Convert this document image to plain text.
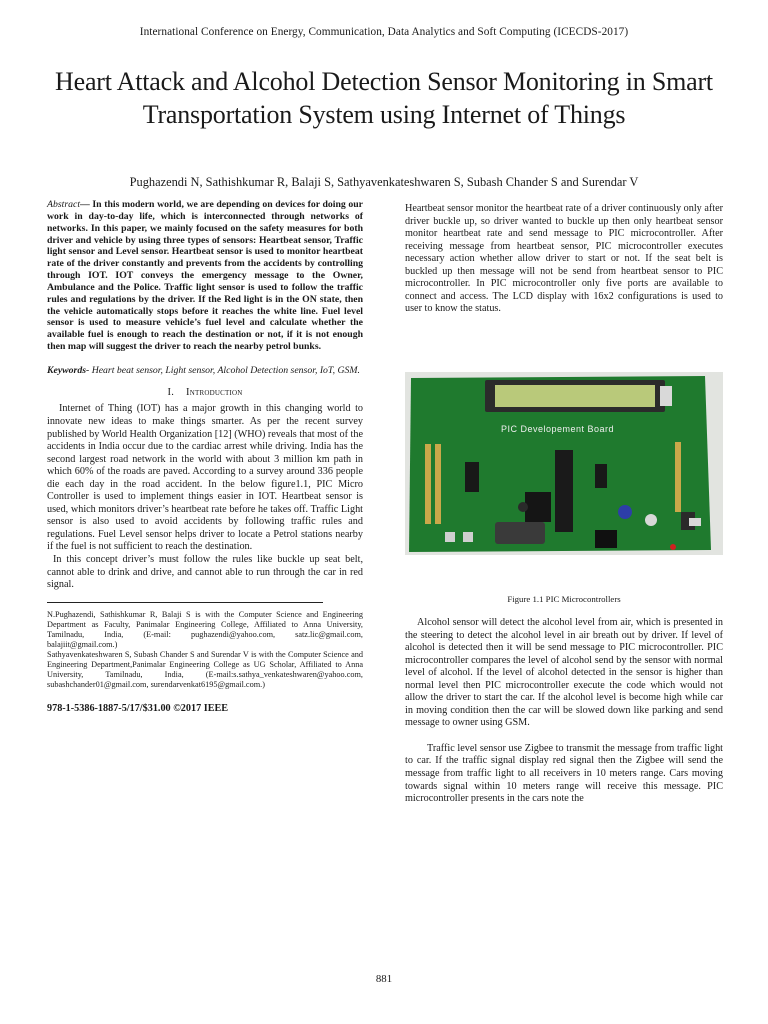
International Conference on Energy, Communication, Data Analytics and Soft Computing (ICECDS-2017)
Heart Attack and Alcohol Detection Sensor Monitoring in Smart Transportation System using Internet of Things
Pughazendi N, Sathishkumar R, Balaji S, Sathyavenkateshwaren S, Subash Chander S and Surendar V

Abstract— In this modern world, we are depending on devices for doing our work in day-to-day life, which is interconnected through networks of networks. In this paper, we mainly focused on the safety measures for both driver and vehicle by using three types of sensors: Heartbeat sensor, Traffic light sensor and Level sensor. Heartbeat sensor is used to monitor heartbeat rate of the driver constantly and prevents from the accidents by controlling through IOT. IOT conveys the emergency message to the Owner, Ambulance and the Police. Traffic light sensor is used to follow the traffic rules and regulations by the driver. If the Red light is in the ON state, then the vehicle automatically stops before it reaches the white line. Fuel level sensor is used to measure vehicle’s fuel level and calculate whether the available fuel is enough to reach the destination or not, if it is not enough then map will suggest the driver to reach the nearby petrol bunks.

Keywords- Heart beat sensor, Light sensor, Alcohol Detection sensor, IoT, GSM.

I. Introduction

Internet of Thing (IOT) has a major growth in this changing world to innovate new ideas to make things smarter. As per the recent survey published by World Health Organization [12] (WHO) reveals that most of the accidents in India occur due to the cardiac arrest while driving. India has the second largest road network in the world with about 3 million km path in which 60% of the roads are paved. According to a survey around 336 people die each day in the road accident. In the below figure1.1, PIC Micro Controller is used to implement things easier in IOT. Heartbeat sensor is used, which monitors driver’s heartbeat rate before he takes off. Traffic Light sensor is also used to avoid accidents by following traffic rules and regulations. Fuel Level sensor helps driver to locate a Petrol stations nearby if the fuel is not sufficient to reach the destination.

In this concept driver’s must follow the rules like buckle up seat belt, cannot able to drink and drive, and cannot able to run through the car in red signal.

N.Pughazendi, Sathishkumar R, Balaji S is with the Computer Science and Engineering Department as Faculty, Panimalar Engineering College, Affiliated to Anna University, Tamilnadu, India, (E-mail: pughazendi@yahoo.com, satz.lic@gmail.com, balajiit@gmail.com.)

Sathyavenkateshwaren S, Subash Chander S and Surendar V is with the Computer Science and Engineering Department,Panimalar Engineering College as UG Scholar, Affiliated to Anna University, Tamilnadu, India, (E-mail:s.sathya_venkateshwaren@yahoo.com, subashchander01@gmail.com, surendarvenkat6195@gmail.com.)

978-1-5386-1887-5/17/$31.00 ©2017 IEEE

Heartbeat sensor monitor the heartbeat rate of a driver continuously only after driver buckle up, so driver wanted to buckle up then only heartbeat sensor monitor heartbeat rate and send message to PIC microcontroller. After receiving message from heartbeat sensor, PIC microcontroller executes necessary action whether allow driver to start or not. If the seat belt is buckled up then message will not be send from heartbeat sensor to PIC microcontroller. In PIC microcontroller only five ports are available to connect and access. The LCD display with 16x2 configurations is used to user to know the status.

PIC Developement Board
Figure 1.1 PIC Microcontrollers

Alcohol sensor will detect the alcohol level from air, which is presented in the steering to detect the alcohol level in air breath out by driver. If level of alcohol is detected then it will be send message to PIC microcontroller. PIC microcontroller compares the level of alcohol send by the sensor with normal level of alcohol. If the level of alcohol detected in the sensor is higher than normal level then PIC microcontroller execute the code which would not allow the driver to start the car. If the alcohol level is become high while car in moving condition then the car will be slowed down like parking and send message to owner using GSM.

Traffic level sensor use Zigbee to transmit the message from traffic light to car. If the traffic signal display red signal then the Zigbee will send the message from traffic light to all receivers in 10 meters range. Cars moving towards signal within 10 meters range will receive this message. PIC microcontroller presents in the cars note the

881
